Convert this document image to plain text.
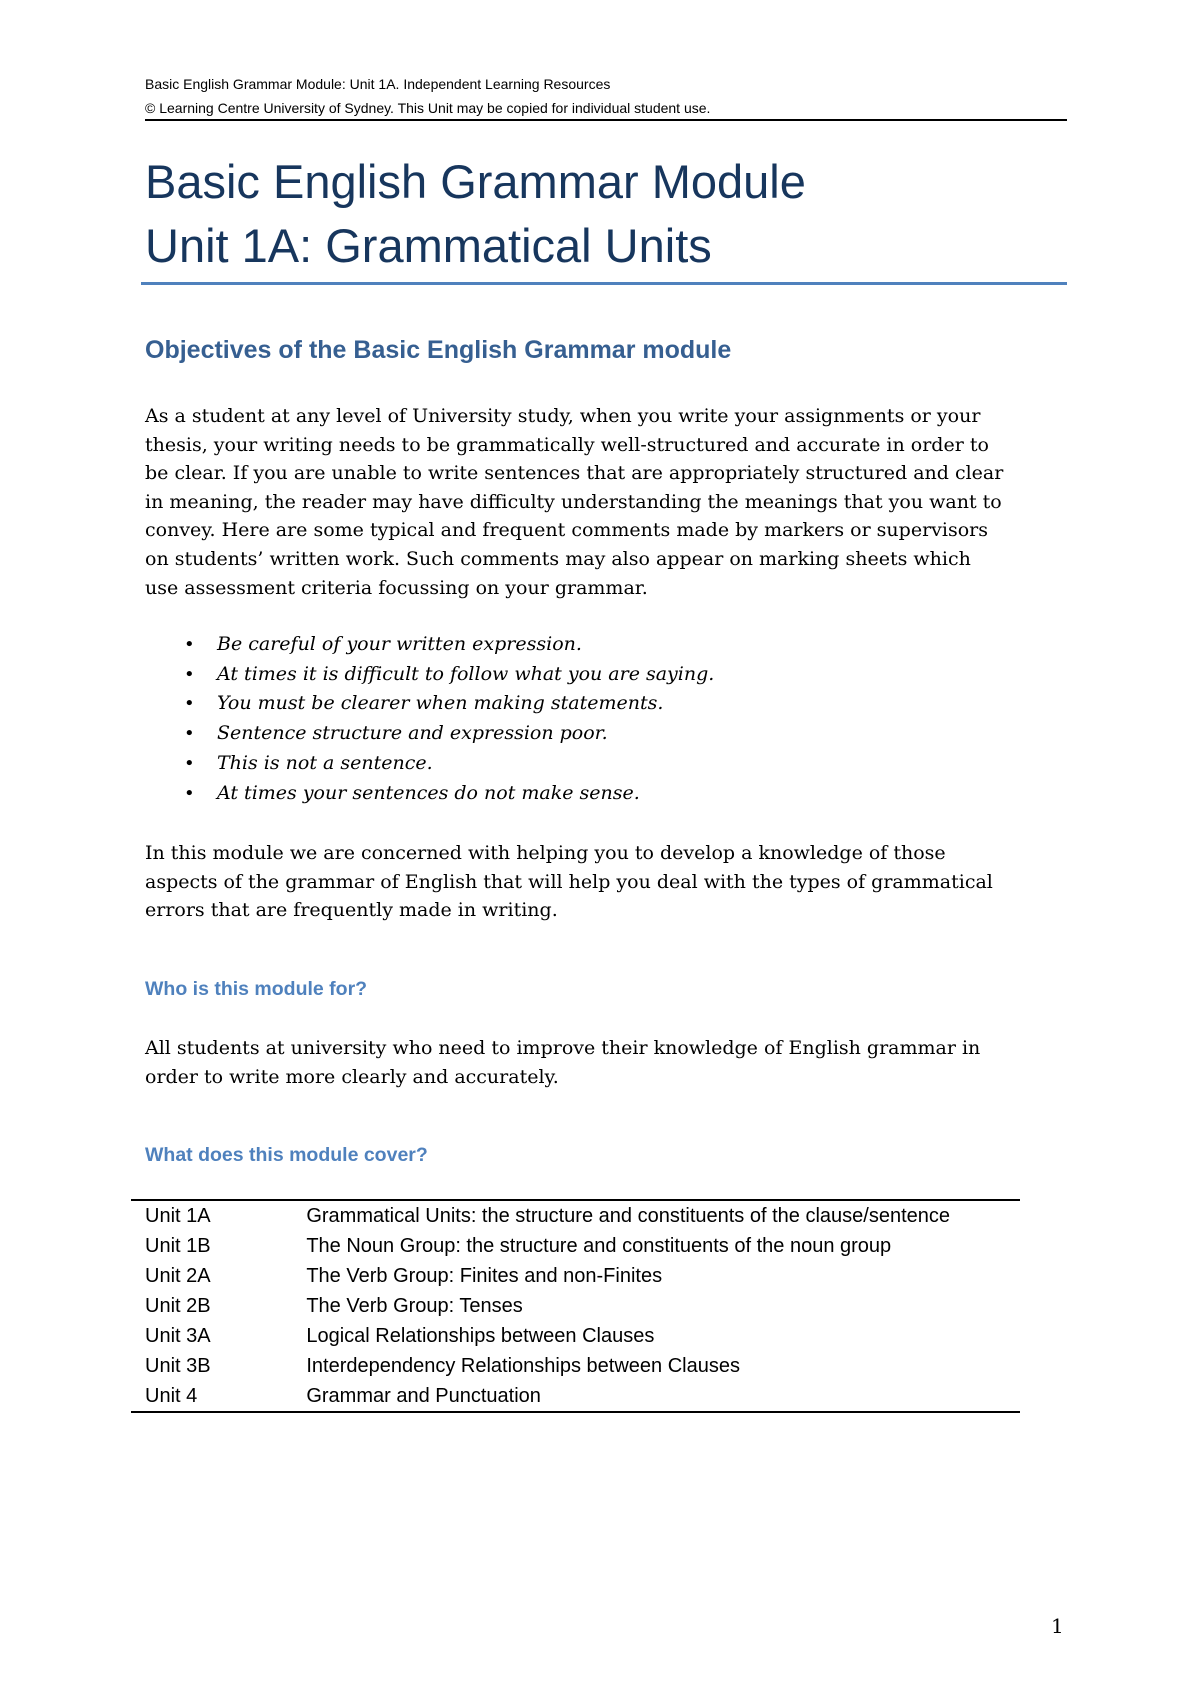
Basic English Grammar Module: Unit 1A. Independent Learning Resources
© Learning Centre University of Sydney. This Unit may be copied for individual student use.
Basic English Grammar Module
Unit 1A: Grammatical Units
Objectives of the Basic English Grammar module
As a student at any level of University study, when you write your assignments or your
thesis, your writing needs to be grammatically well-structured and accurate in order to
be clear. If you are unable to write sentences that are appropriately structured and clear
in meaning, the reader may have difficulty understanding the meanings that you want to
convey. Here are some typical and frequent comments made by markers or supervisors
on students’ written work. Such comments may also appear on marking sheets which
use assessment criteria focussing on your grammar.
• Be careful of your written expression.
• At times it is difficult to follow what you are saying.
• You must be clearer when making statements.
• Sentence structure and expression poor.
• This is not a sentence.
• At times your sentences do not make sense.
In this module we are concerned with helping you to develop a knowledge of those
aspects of the grammar of English that will help you deal with the types of grammatical
errors that are frequently made in writing.
Who is this module for?
All students at university who need to improve their knowledge of English grammar in
order to write more clearly and accurately.
What does this module cover?
Unit 1A	Grammatical Units: the structure and constituents of the clause/sentence
Unit 1B	The Noun Group: the structure and constituents of the noun group
Unit 2A	The Verb Group: Finites and non-Finites
Unit 2B	The Verb Group: Tenses
Unit 3A	Logical Relationships between Clauses
Unit 3B	Interdependency Relationships between Clauses
Unit 4	Grammar and Punctuation
1
